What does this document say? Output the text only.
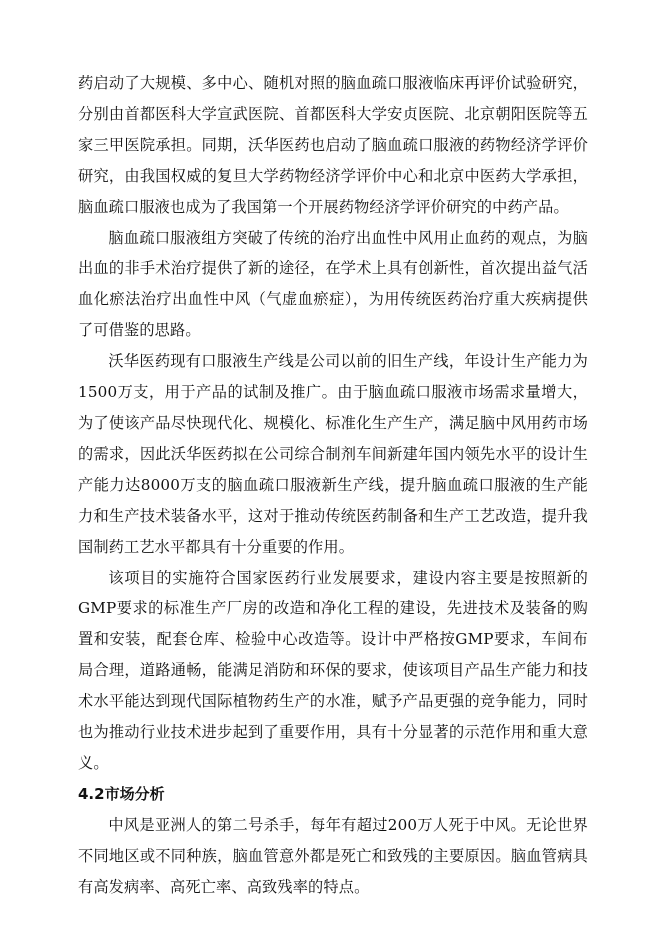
药启动了大规模、多中心、随机对照的脑血疏口服液临床再评价试验研究，分别由首都医科大学宣武医院、首都医科大学安贞医院、北京朝阳医院等五家三甲医院承担。同期，沃华医药也启动了脑血疏口服液的药物经济学评价研究，由我国权威的复旦大学药物经济学评价中心和北京中医药大学承担，脑血疏口服液也成为了我国第一个开展药物经济学评价研究的中药产品。

脑血疏口服液组方突破了传统的治疗出血性中风用止血药的观点，为脑出血的非手术治疗提供了新的途径，在学术上具有创新性，首次提出益气活血化瘀法治疗出血性中风（气虚血瘀症），为用传统医药治疗重大疾病提供了可借鉴的思路。

沃华医药现有口服液生产线是公司以前的旧生产线，年设计生产能力为1500万支，用于产品的试制及推广。由于脑血疏口服液市场需求量增大，为了使该产品尽快现代化、规模化、标准化生产生产，满足脑中风用药市场的需求，因此沃华医药拟在公司综合制剂车间新建年国内领先水平的设计生产能力达8000万支的脑血疏口服液新生产线，提升脑血疏口服液的生产能力和生产技术装备水平，这对于推动传统医药制备和生产工艺改造，提升我国制药工艺水平都具有十分重要的作用。

该项目的实施符合国家医药行业发展要求，建设内容主要是按照新的GMP要求的标准生产厂房的改造和净化工程的建设，先进技术及装备的购置和安装，配套仓库、检验中心改造等。设计中严格按GMP要求，车间布局合理，道路通畅，能满足消防和环保的要求，使该项目产品生产能力和技术水平能达到现代国际植物药生产的水准，赋予产品更强的竞争能力，同时也为推动行业技术进步起到了重要作用，具有十分显著的示范作用和重大意义。

4.2市场分析

中风是亚洲人的第二号杀手，每年有超过200万人死于中风。无论世界不同地区或不同种族，脑血管意外都是死亡和致残的主要原因。脑血管病具有高发病率、高死亡率、高致残率的特点。
